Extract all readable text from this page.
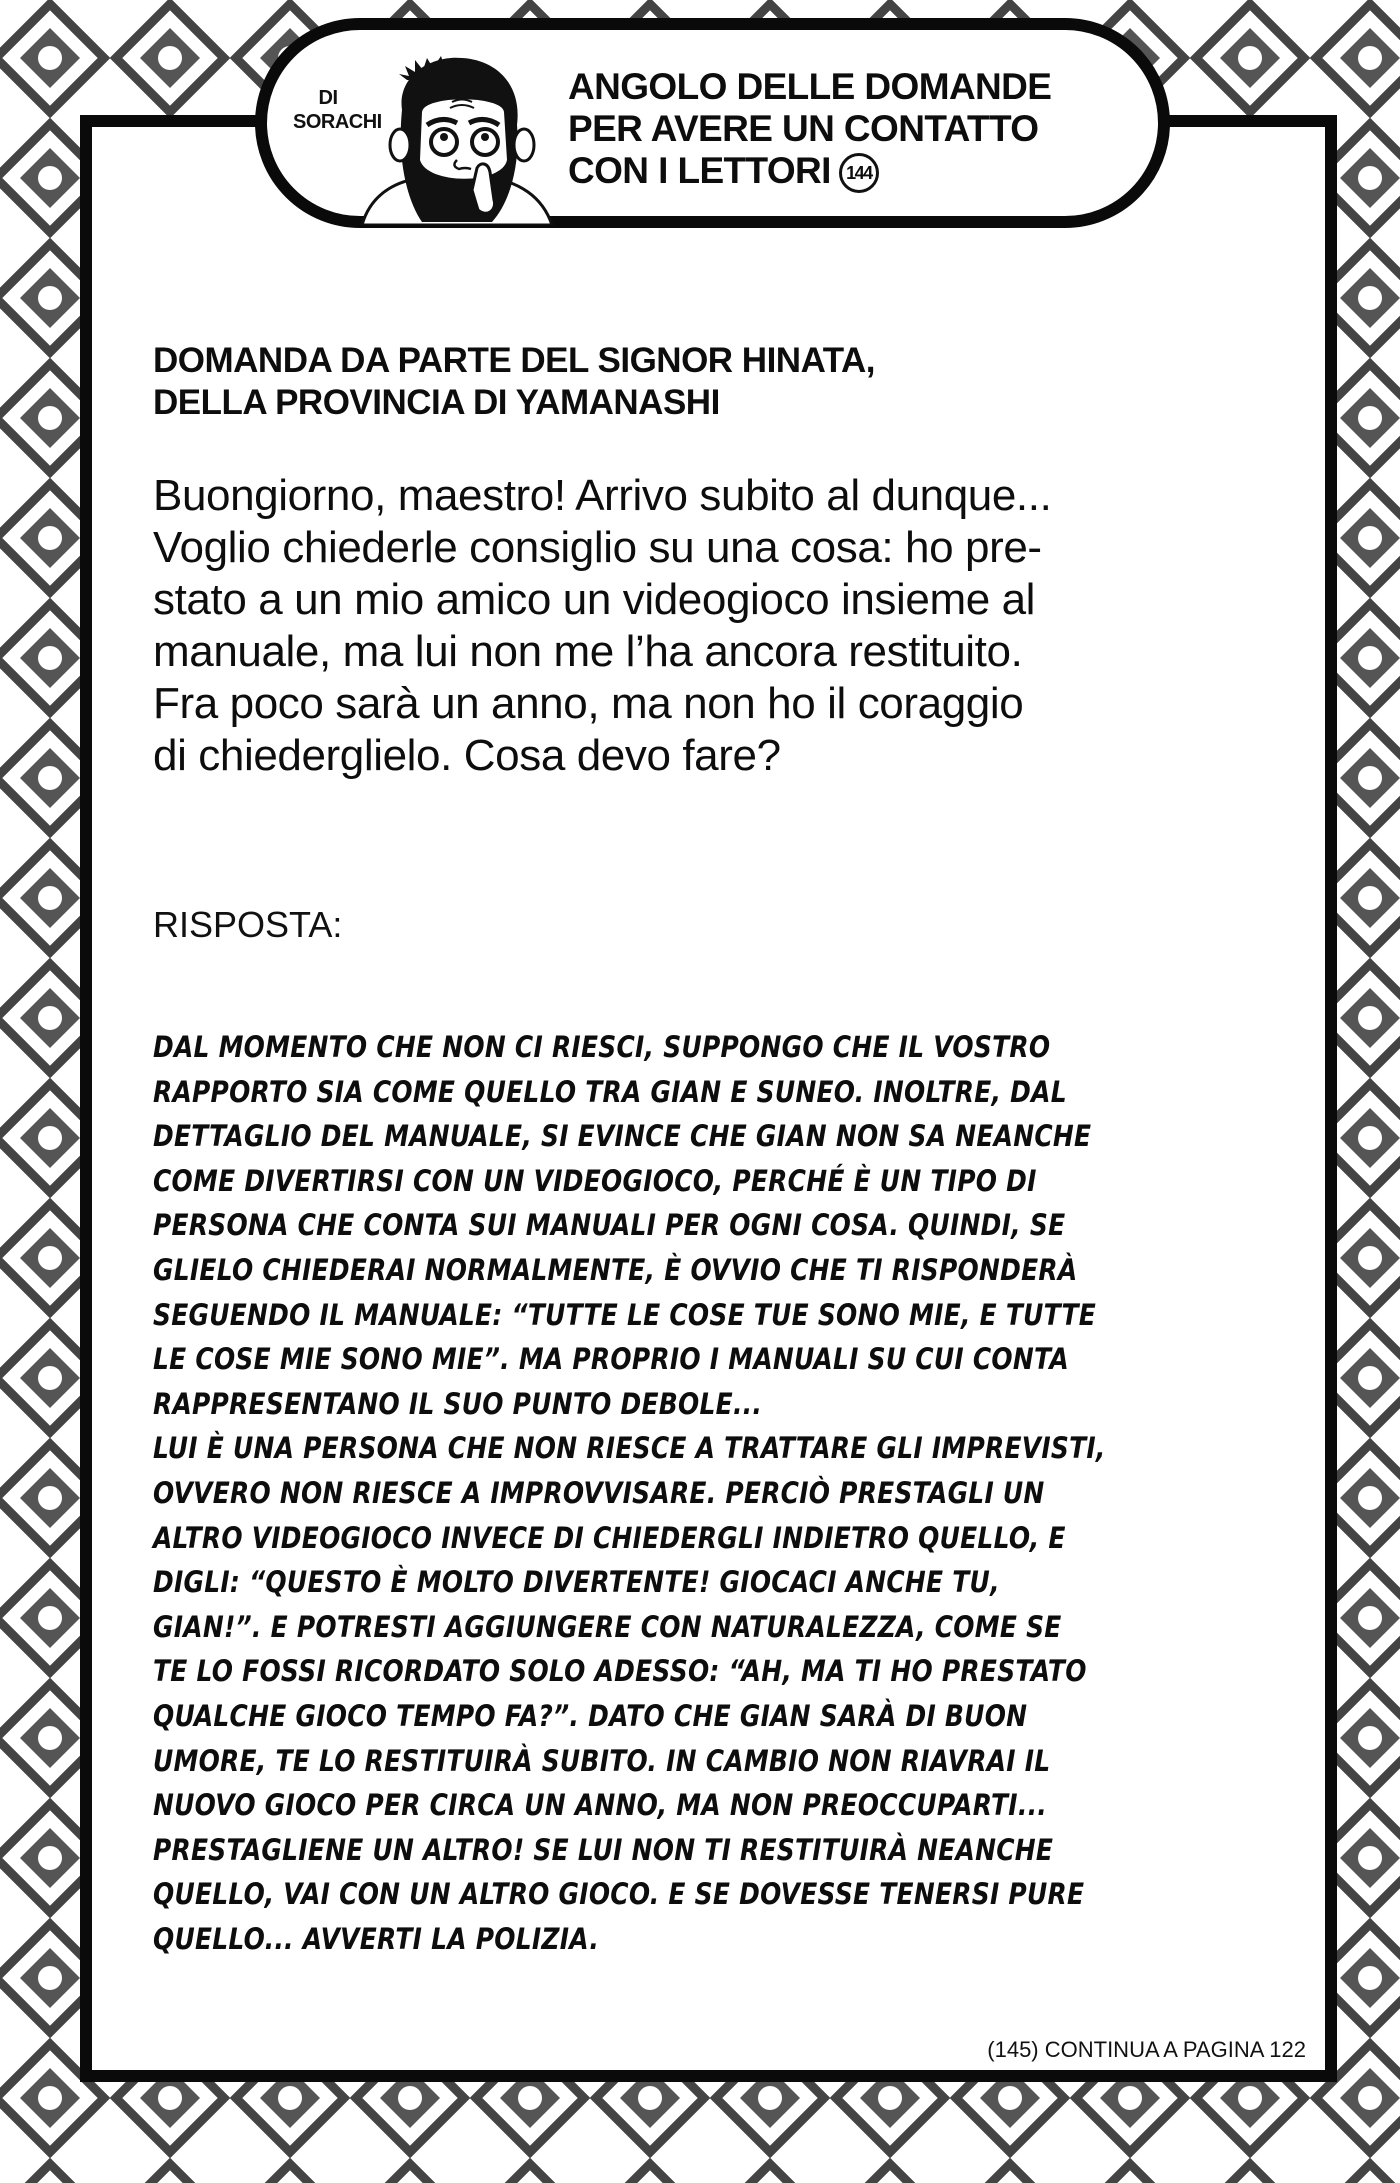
DI
SORACHI
ANGOLO DELLE DOMANDE
PER AVERE UN CONTATTO
CON I LETTORI 144
DOMANDA DA PARTE DEL SIGNOR HINATA,
DELLA PROVINCIA DI YAMANASHI
Buongiorno, maestro! Arrivo subito al dunque...
Voglio chiederle consiglio su una cosa: ho pre-
stato a un mio amico un videogioco insieme al
manuale, ma lui non me l’ha ancora restituito.
Fra poco sarà un anno, ma non ho il coraggio
di chiederglielo. Cosa devo fare?
RISPOSTA:
DAL MOMENTO CHE NON CI RIESCI, SUPPONGO CHE IL VOSTRO
RAPPORTO SIA COME QUELLO TRA GIAN E SUNEO. INOLTRE, DAL
DETTAGLIO DEL MANUALE, SI EVINCE CHE GIAN NON SA NEANCHE
COME DIVERTIRSI CON UN VIDEOGIOCO, PERCHÉ È UN TIPO DI
PERSONA CHE CONTA SUI MANUALI PER OGNI COSA. QUINDI, SE
GLIELO CHIEDERAI NORMALMENTE, È OVVIO CHE TI RISPONDERÀ
SEGUENDO IL MANUALE: “TUTTE LE COSE TUE SONO MIE, E TUTTE
LE COSE MIE SONO MIE”. MA PROPRIO I MANUALI SU CUI CONTA
RAPPRESENTANO IL SUO PUNTO DEBOLE...
LUI È UNA PERSONA CHE NON RIESCE A TRATTARE GLI IMPREVISTI,
OVVERO NON RIESCE A IMPROVVISARE. PERCIÒ PRESTAGLI UN
ALTRO VIDEOGIOCO INVECE DI CHIEDERGLI INDIETRO QUELLO, E
DIGLI: “QUESTO È MOLTO DIVERTENTE! GIOCACI ANCHE TU,
GIAN!”. E POTRESTI AGGIUNGERE CON NATURALEZZA, COME SE
TE LO FOSSI RICORDATO SOLO ADESSO: “AH, MA TI HO PRESTATO
QUALCHE GIOCO TEMPO FA?”. DATO CHE GIAN SARÀ DI BUON
UMORE, TE LO RESTITUIRÀ SUBITO. IN CAMBIO NON RIAVRAI IL
NUOVO GIOCO PER CIRCA UN ANNO, MA NON PREOCCUPARTI...
PRESTAGLIENE UN ALTRO! SE LUI NON TI RESTITUIRÀ NEANCHE
QUELLO, VAI CON UN ALTRO GIOCO. E SE DOVESSE TENERSI PURE
QUELLO... AVVERTI LA POLIZIA.
(145) CONTINUA A PAGINA 122
